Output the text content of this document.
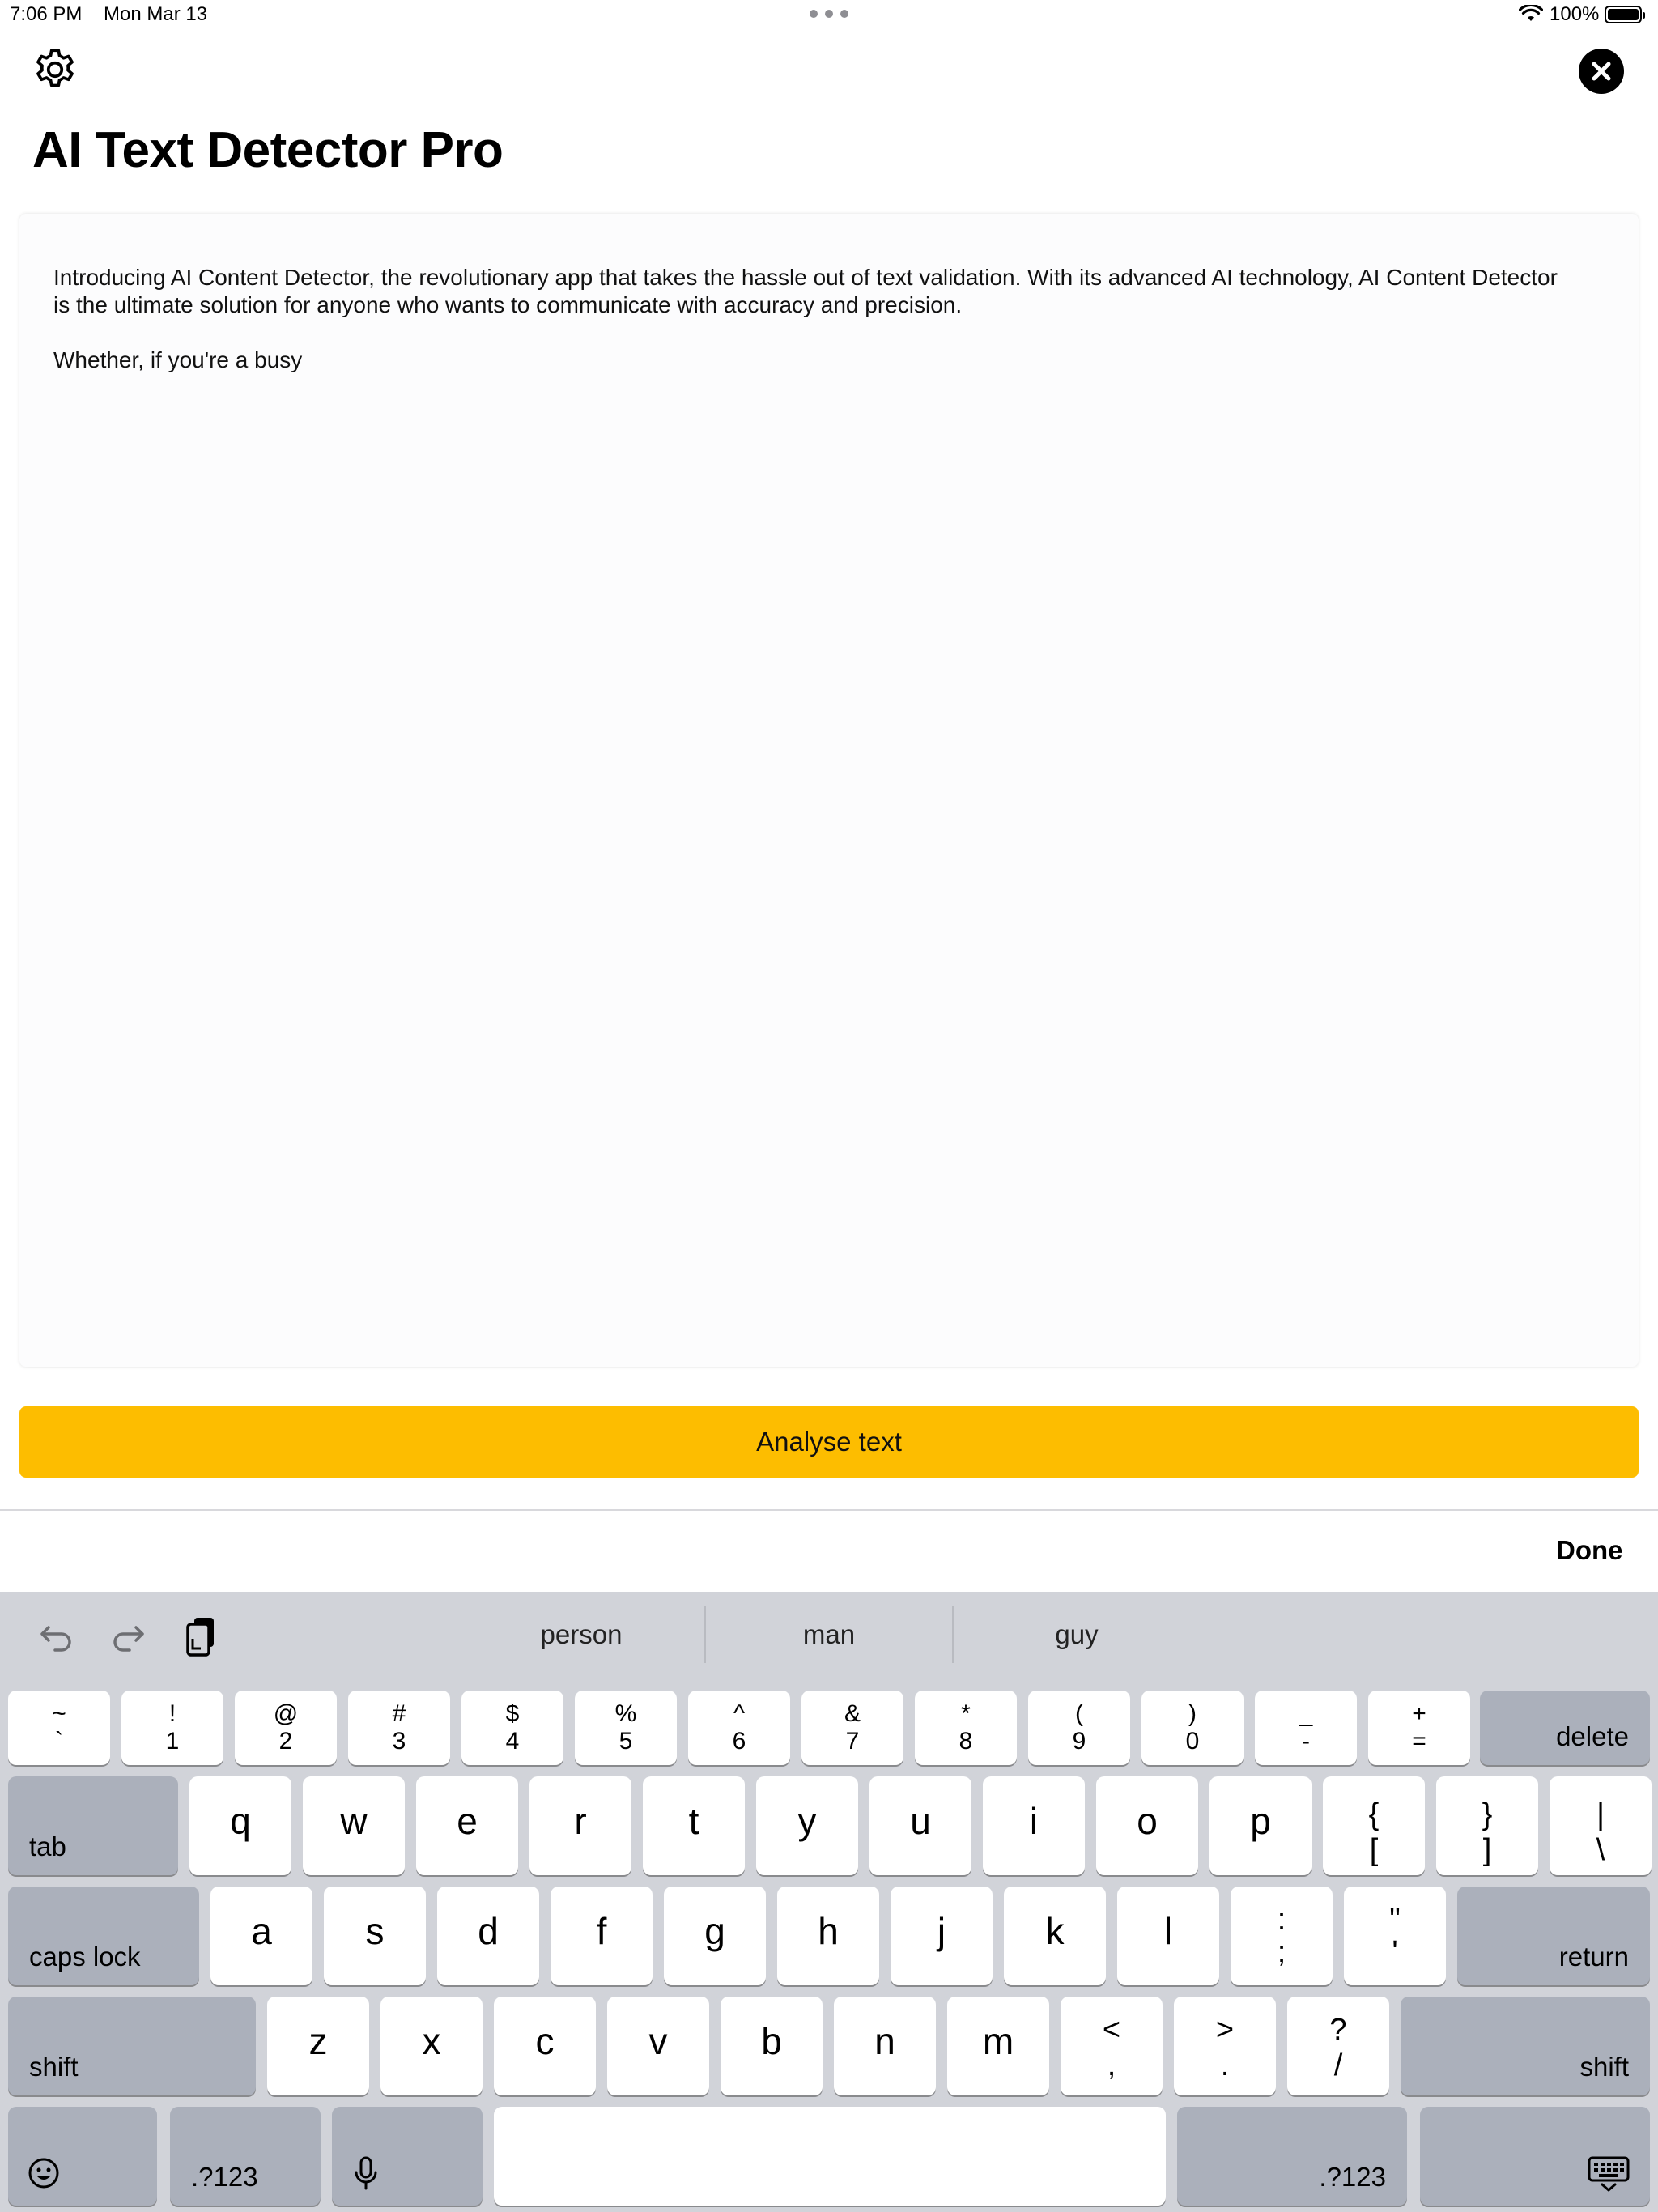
7:06 PM Mon Mar 13	100%
AI Text Detector Pro
Introducing AI Content Detector, the revolutionary app that takes the hassle out of text validation. With its advanced AI technology, AI Content Detector is the ultimate solution for anyone who wants to communicate with accuracy and precision.

Whether, if you're a busy
Analyse text
Done
person	man	guy
delete
tab
caps lock	return
shift	shift
.?123	.?123
~
`
!
1
@
2
#
3
$
4
%
5
^
6
&
7
*
8
(
9
)
0
_
-
+
=
q	w	e	r	t	y	u	i	o	p	{
[
}
]
|
\
a	s	d	f	g	h	j	k	l	:
;
"
'
z	x	c	v	b	n	m	<
,
>
.
?
/
